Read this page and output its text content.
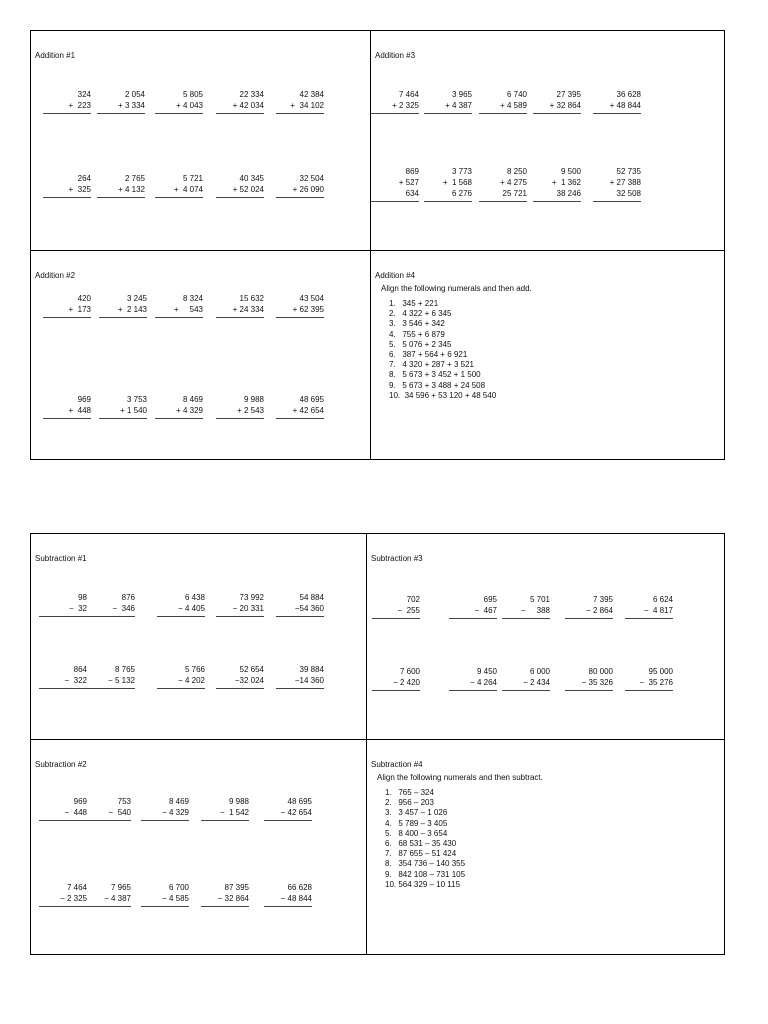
Addition #1
324
+  223
2 054
+ 3 334
5 805
+ 4 043
22 334
+ 42 034
42 384
+  34 102
264
+  325
2 765
+ 4 132
5 721
+  4 074
40 345
+ 52 024
32 504
+ 26 090
Addition #3
7 464
+ 2 325
3 965
+ 4 387
6 740
+ 4 589
27 395
+ 32 864
36 628
+ 48 844
869
+ 527
634
3 773
+  1 568
6 276
8 250
+ 4 275
25 721
9 500
+  1 362
38 246
52 735
+ 27 388
32 508
Addition #2
420
+  173
3 245
+  2 143
8 324
+     543
15 632
+ 24 334
43 504
+ 62 395
969
+  448
3 753
+ 1 540
8 469
+ 4 329
9 988
+ 2 543
48 695
+ 42 654
Addition #4
Align the following numerals and then add.
1.   345 + 221
2.   4 322 + 6 345
3.   3 546 + 342
4.   755 + 6 879
5.   5 076 + 2 345
6.   387 + 564 + 6 921
7.   4 320 + 287 + 3 521
8.   5 673 + 3 452 + 1 500
9.   5 673 + 3 488 + 24 508
10.  34 596 + 53 120 + 48 540
Subtraction #1
98
−  32
876
−  346
6 438
− 4 405
73 992
− 20 331
54 884
−54 360
864
−  322
8 765
− 5 132
5 766
− 4 202
52 654
−32 024
39 884
−14 360
Subtraction #3
702
−  255
695
−  467
5 701
−     388
7 395
− 2 864
6 624
−  4 817
7 600
− 2 420
9 450
− 4 264
6 000
− 2 434
80 000
− 35 326
95 000
−  35 276
Subtraction #2
969
−  448
753
−  540
8 469
− 4 329
9 988
−  1 542
48 695
− 42 654
7 464
− 2 325
7 965
− 4 387
6 700
− 4 585
87 395
− 32 864
66 628
− 48 844
Subtraction #4
Align the following numerals and then subtract.
1.   765 – 324
2.   956 – 203
3.   3 457 – 1 026
4.   5 789 – 3 405
5.   8 400 – 3 654
6.   68 531 – 35 430
7.   87 655 – 51 424
8.   354 736 – 140 355
9.   842 108 – 731 105
10. 564 329 – 10 115
